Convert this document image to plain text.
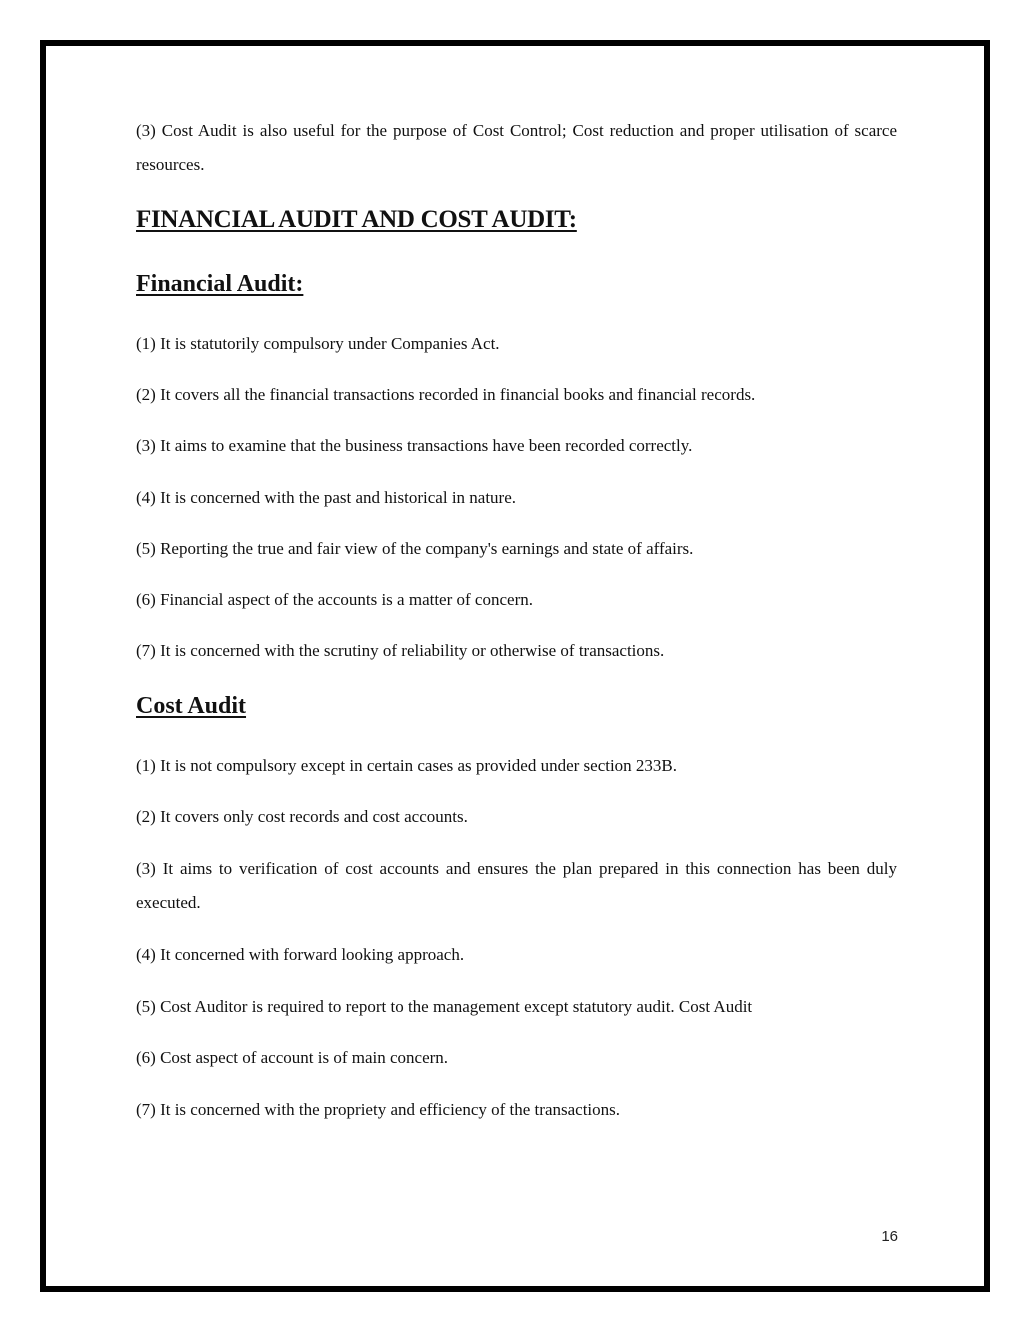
(3) Cost Audit is also useful for the purpose of Cost Control; Cost reduction and proper utilisation of scarce resources.

FINANCIAL AUDIT AND COST AUDIT:
Financial Audit:

(1) It is statutorily compulsory under Companies Act.

(2) It covers all the financial transactions recorded in financial books and financial records.

(3) It aims to examine that the business transactions have been recorded correctly.

(4) It is concerned with the past and historical in nature.

(5) Reporting the true and fair view of the company's earnings and state of affairs.

(6) Financial aspect of the accounts is a matter of concern.

(7) It is concerned with the scrutiny of reliability or otherwise of transactions.

Cost Audit

(1) It is not compulsory except in certain cases as provided under section 233B.

(2) It covers only cost records and cost accounts.

(3) It aims to verification of cost accounts and ensures the plan prepared in this connection has been duly executed.

(4) It concerned with forward looking approach.

(5) Cost Auditor is required to report to the management except statutory audit. Cost Audit

(6) Cost aspect of account is of main concern.

(7) It is concerned with the propriety and efficiency of the transactions.

16
